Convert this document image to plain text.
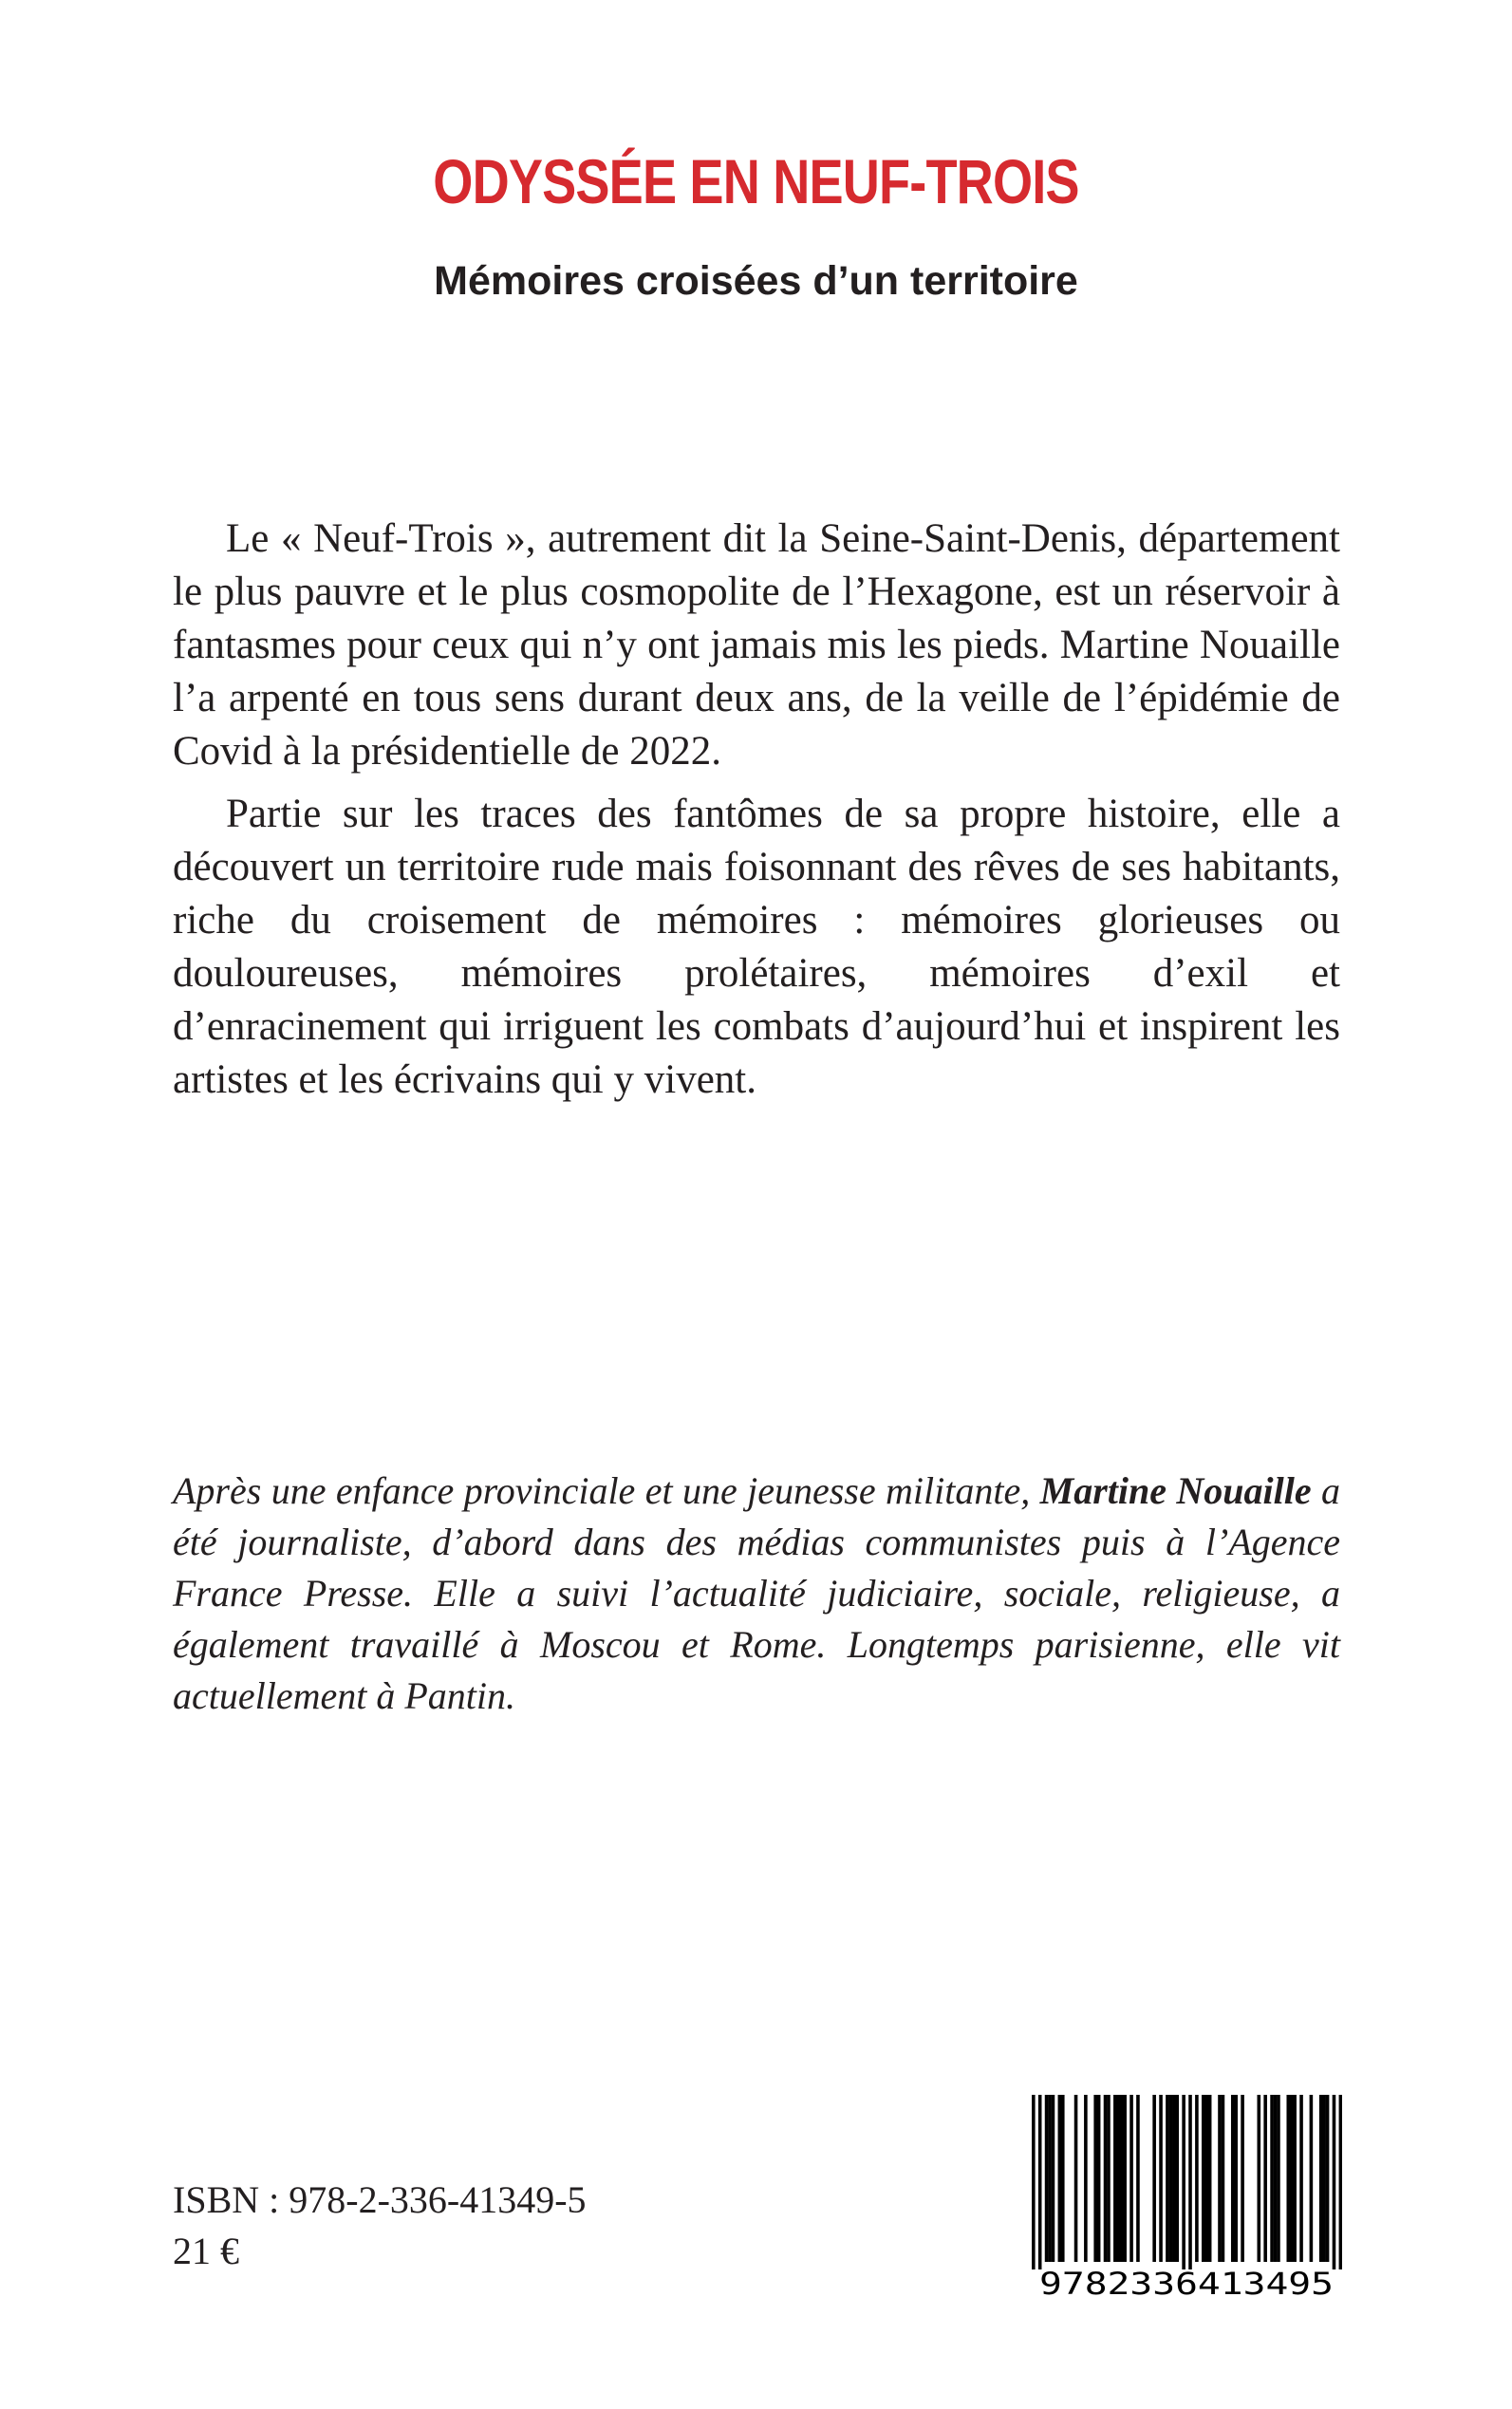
ODYSSÉE EN NEUF-TROIS
Mémoires croisées d’un territoire

Le « Neuf-Trois », autrement dit la Seine-Saint-Denis, département le plus pauvre et le plus cosmopolite de l’Hexagone, est un réservoir à fantasmes pour ceux qui n’y ont jamais mis les pieds. Martine Nouaille l’a arpenté en tous sens durant deux ans, de la veille de l’épidémie de Covid à la présidentielle de 2022.

Partie sur les traces des fantômes de sa propre histoire, elle a découvert un territoire rude mais foisonnant des rêves de ses habitants, riche du croisement de mémoires : mémoires glorieuses ou douloureuses, mémoires prolétaires, mémoires d’exil et d’enracinement qui irriguent les combats d’aujourd’hui et inspirent les artistes et les écrivains qui y vivent.

Après une enfance provinciale et une jeunesse militante, Martine Nouaille a été journaliste, d’abord dans des médias communistes puis à l’Agence France Presse. Elle a suivi l’actualité judiciaire, sociale, religieuse, a également travaillé à Moscou et Rome. Longtemps parisienne, elle vit actuellement à Pantin.
ISBN : 978-2-336-41349-5
21 €
9782336413495
